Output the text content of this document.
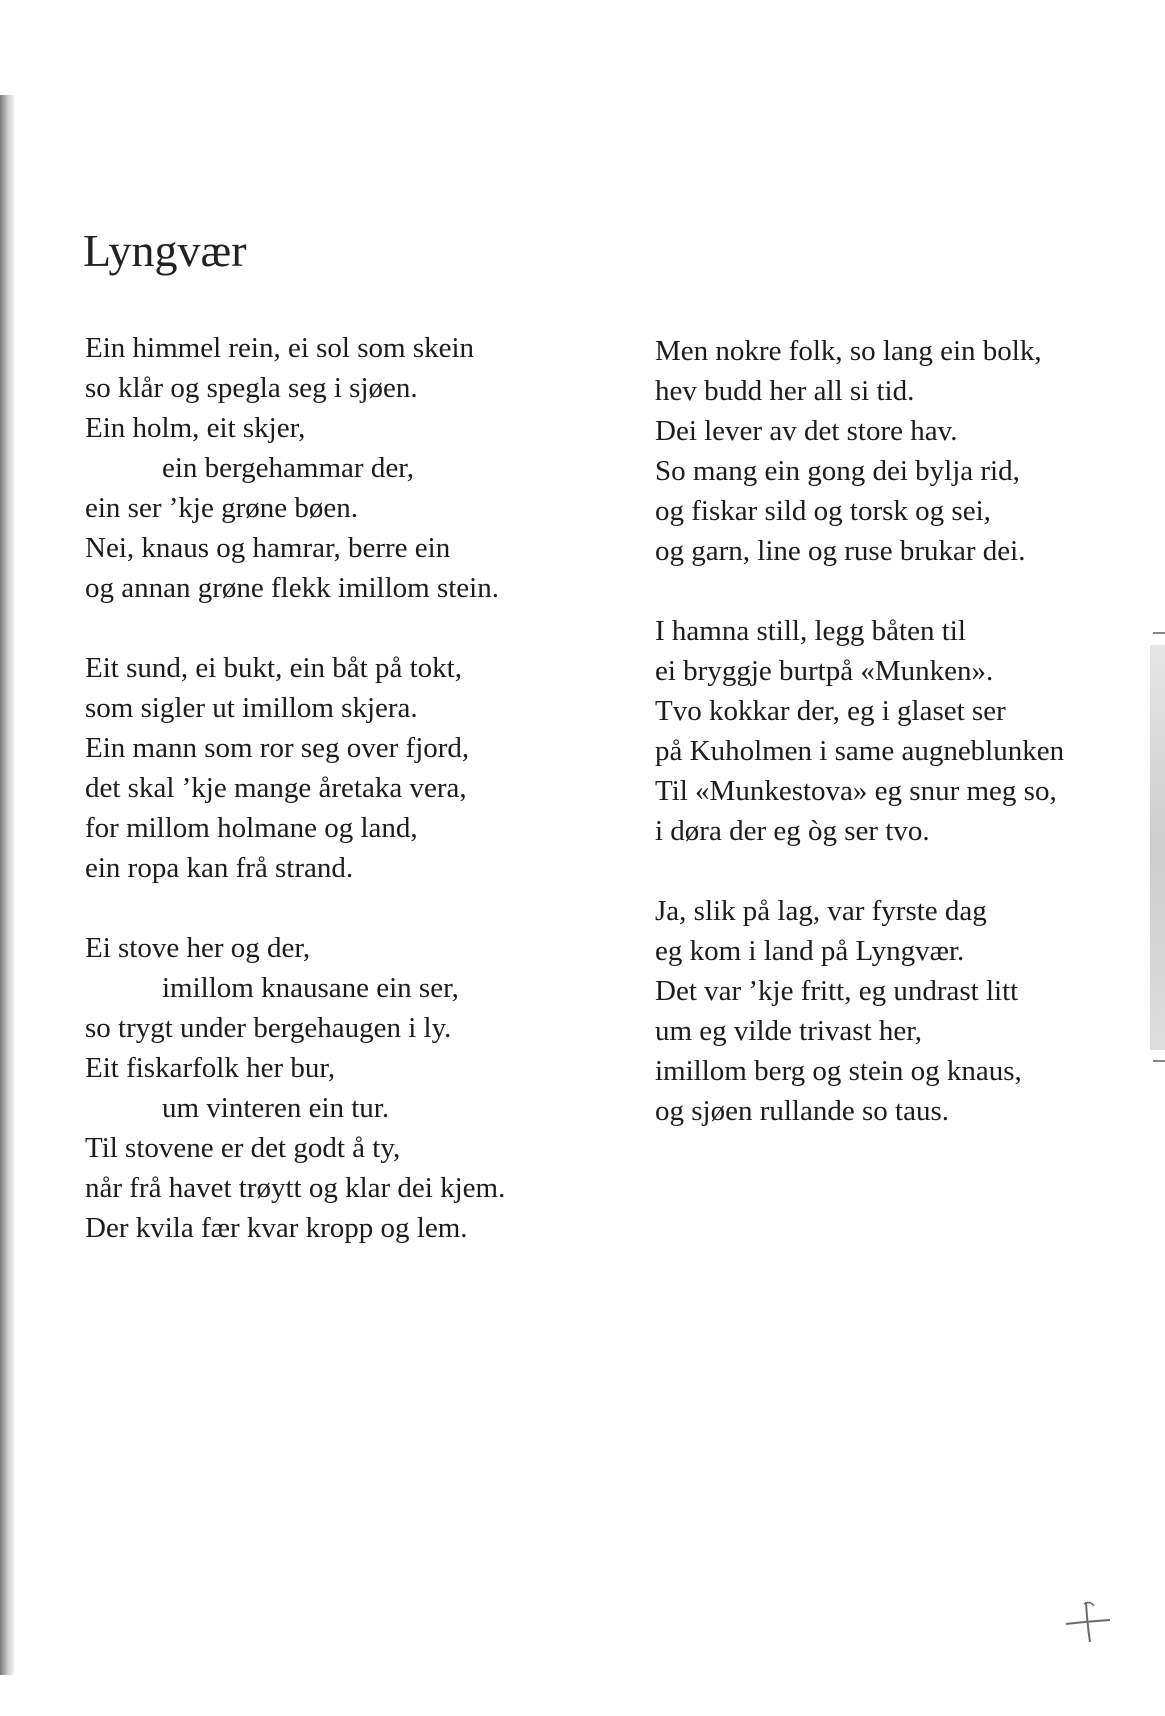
Lyngvær
Ein himmel rein, ei sol som skein
so klår og spegla seg i sjøen.
Ein holm, eit skjer,
ein bergehammar der,
ein ser ’kje grøne bøen.
Nei, knaus og hamrar, berre ein
og annan grøne flekk imillom stein.
Eit sund, ei bukt, ein båt på tokt,
som sigler ut imillom skjera.
Ein mann som ror seg over fjord,
det skal ’kje mange åretaka vera,
for millom holmane og land,
ein ropa kan frå strand.
Ei stove her og der,
imillom knausane ein ser,
so trygt under bergehaugen i ly.
Eit fiskarfolk her bur,
um vinteren ein tur.
Til stovene er det godt å ty,
når frå havet trøytt og klar dei kjem.
Der kvila fær kvar kropp og lem.
Men nokre folk, so lang ein bolk,
hev budd her all si tid.
Dei lever av det store hav.
So mang ein gong dei bylja rid,
og fiskar sild og torsk og sei,
og garn, line og ruse brukar dei.
I hamna still, legg båten til
ei bryggje burtpå «Munken».
Tvo kokkar der, eg i glaset ser
på Kuholmen i same augneblunken
Til «Munkestova» eg snur meg so,
i døra der eg òg ser tvo.
Ja, slik på lag, var fyrste dag
eg kom i land på Lyngvær.
Det var ’kje fritt, eg undrast litt
um eg vilde trivast her,
imillom berg og stein og knaus,
og sjøen rullande so taus.
